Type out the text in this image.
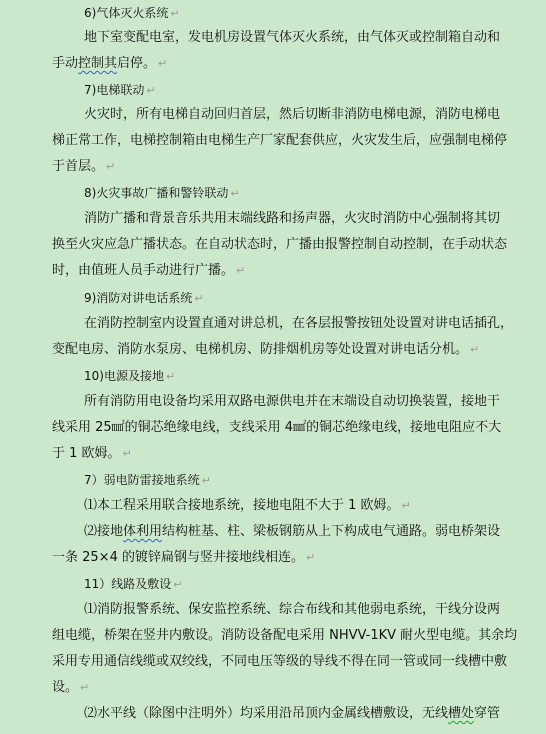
6)气体灭火系统 ↵
地下室变配电室，发电机房设置气体灭火系统，由气体灭或控制箱自动和
手动控制其启停。 ↵
7)电梯联动 ↵
火灾时，所有电梯自动回归首层，然后切断非消防电梯电源，消防电梯电
梯正常工作，电梯控制箱由电梯生产厂家配套供应，火灾发生后，应强制电梯停
于首层。 ↵
8)火灾事故广播和警铃联动 ↵
消防广播和背景音乐共用末端线路和扬声器，火灾时消防中心强制将其切
换至火灾应急广播状态。在自动状态时，广播由报警控制自动控制，在手动状态
时，由值班人员手动进行广播。 ↵
9)消防对讲电话系统 ↵
在消防控制室内设置直通对讲总机，在各层报警按钮处设置对讲电话插孔，
变配电房、消防水泵房、电梯机房、防排烟机房等处设置对讲电话分机。 ↵
10)电源及接地 ↵
所有消防用电设备均采用双路电源供电并在末端设自动切换装置，接地干
线采用 25㎟的铜芯绝缘电线，支线采用 4㎟的铜芯绝缘电线，接地电阻应不大
于 1 欧姆。 ↵
7）弱电防雷接地系统 ↵
⑴本工程采用联合接地系统，接地电阻不大于 1 欧姆。 ↵
⑵接地体利用结构桩基、柱、梁板钢筋从上下构成电气通路。弱电桥架设
一条 25×4 的镀锌扁钢与竖井接地线相连。 ↵
11）线路及敷设 ↵
⑴消防报警系统、保安监控系统、综合布线和其他弱电系统，干线分设两
组电缆，桥架在竖井内敷设。消防设备配电采用 NHVV-1KV 耐火型电缆。其余均
采用专用通信线缆或双绞线，不同电压等级的导线不得在同一管或同一线槽中敷
设。 ↵
⑵水平线（除图中注明外）均采用沿吊顶内金属线槽敷设，无线槽处穿管
